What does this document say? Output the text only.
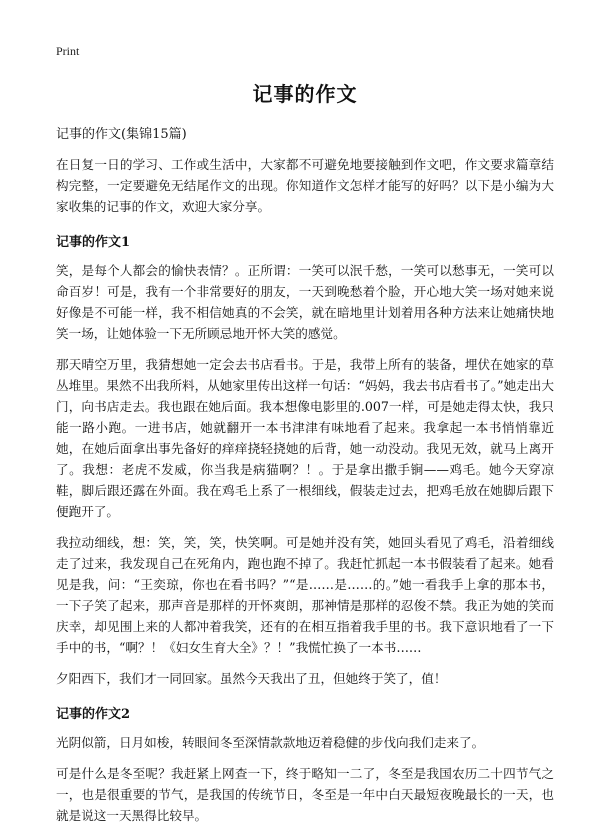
Print
记事的作文
记事的作文(集锦15篇)

在日复一日的学习、工作或生活中，大家都不可避免地要接触到作文吧，作文要求篇章结构完整，一定要避免无结尾作文的出现。你知道作文怎样才能写的好吗？以下是小编为大家收集的记事的作文，欢迎大家分享。

记事的作文1

笑，是每个人都会的愉快表情？。正所谓：一笑可以泯千愁，一笑可以愁事无，一笑可以命百岁！可是，我有一个非常要好的朋友，一天到晚愁着个脸，开心地大笑一场对她来说好像是不可能一样，我不相信她真的不会笑，就在暗地里计划着用各种方法来让她痛快地笑一场，让她体验一下无所顾忌地开怀大笑的感觉。

那天晴空万里，我猜想她一定会去书店看书。于是，我带上所有的装备，埋伏在她家的草丛堆里。果然不出我所料，从她家里传出这样一句话：“妈妈，我去书店看书了。”她走出大门，向书店走去。我也跟在她后面。我本想像电影里的.007一样，可是她走得太快，我只能一路小跑。一进书店，她就翻开一本书津津有味地看了起来。我拿起一本书悄悄靠近她，在她后面拿出事先备好的痒痒挠轻挠她的后背，她一动没动。我见无效，就马上离开了。我想：老虎不发威，你当我是病猫啊？！。于是拿出撒手锏——鸡毛。她今天穿凉鞋，脚后跟还露在外面。我在鸡毛上系了一根细线，假装走过去，把鸡毛放在她脚后跟下便跑开了。

我拉动细线，想：笑，笑，笑，快笑啊。可是她并没有笑，她回头看见了鸡毛，沿着细线走了过来，我发现自己在死角内，跑也跑不掉了。我赶忙抓起一本书假装看了起来。她看见是我，问：“王奕琼，你也在看书吗？”“是……是……的。”她一看我手上拿的那本书，一下子笑了起来，那声音是那样的开怀爽朗，那神情是那样的忍俊不禁。我正为她的笑而庆幸，却见围上来的人都冲着我笑，还有的在相互指着我手里的书。我下意识地看了一下手中的书，“啊？！《妇女生育大全》？！”我慌忙换了一本书……

夕阳西下，我们才一同回家。虽然今天我出了丑，但她终于笑了，值！

记事的作文2

光阴似箭，日月如梭，转眼间冬至深情款款地迈着稳健的步伐向我们走来了。

可是什么是冬至呢？我赶紧上网查一下，终于略知一二了，冬至是我国农历二十四节气之一，也是很重要的节气，是我国的传统节日，冬至是一年中白天最短夜晚最长的一天，也就是说这一天黑得比较早。
